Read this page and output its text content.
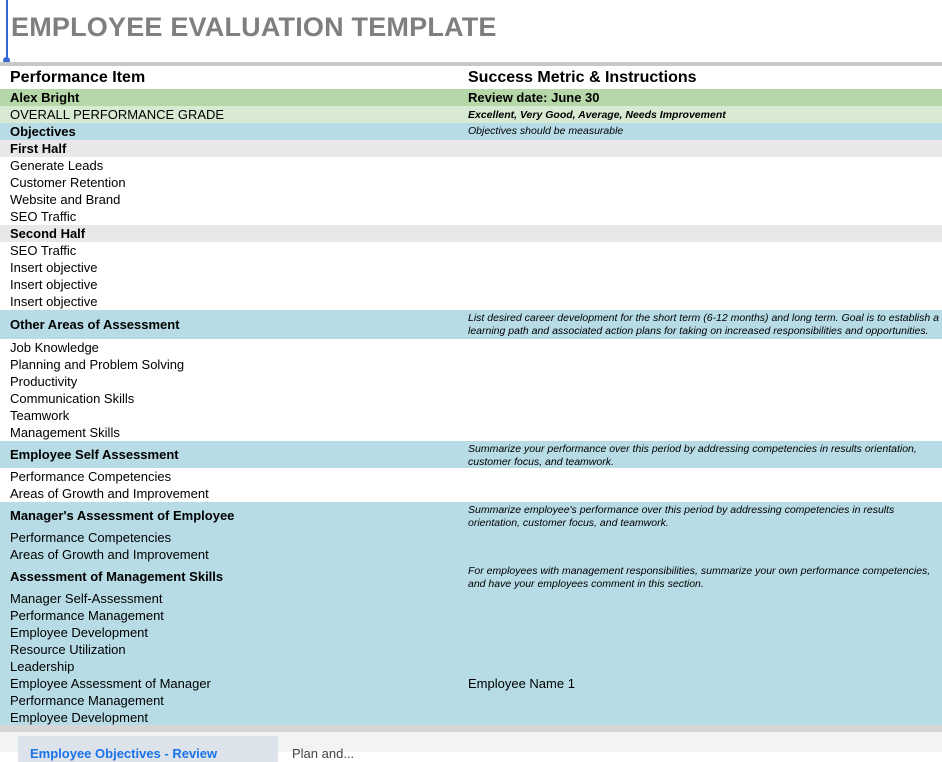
EMPLOYEE EVALUATION TEMPLATE
Performance Item	Success Metric & Instructions
Alex Bright	Review date: June 30
OVERALL PERFORMANCE GRADE	Excellent, Very Good, Average, Needs Improvement
Objectives	Objectives should be measurable
First Half
Generate Leads
Customer Retention
Website and Brand
SEO Traffic
Second Half
SEO Traffic
Insert objective
Insert objective
Insert objective
Other Areas of Assessment	List desired career development for the short term (6-12 months) and long term. Goal is to establish a
learning path and associated action plans for taking on increased responsibilities and opportunities.
Job Knowledge
Planning and Problem Solving
Productivity
Communication Skills
Teamwork
Management Skills
Employee Self Assessment	Summarize your performance over this period by addressing competencies in results orientation,
customer focus, and teamwork.
Performance Competencies
Areas of Growth and Improvement
Manager's Assessment of Employee	Summarize employee's performance over this period by addressing competencies in results
orientation, customer focus, and teamwork.
Performance Competencies
Areas of Growth and Improvement
Assessment of Management Skills	For employees with management responsibilities, summarize your own performance competencies,
and have your employees comment in this section.
Manager Self-Assessment
Performance Management
Employee Development
Resource Utilization
Leadership
Employee Assessment of Manager	Employee Name 1
Performance Management
Employee Development
Employee Objectives - Review	Plan and...
